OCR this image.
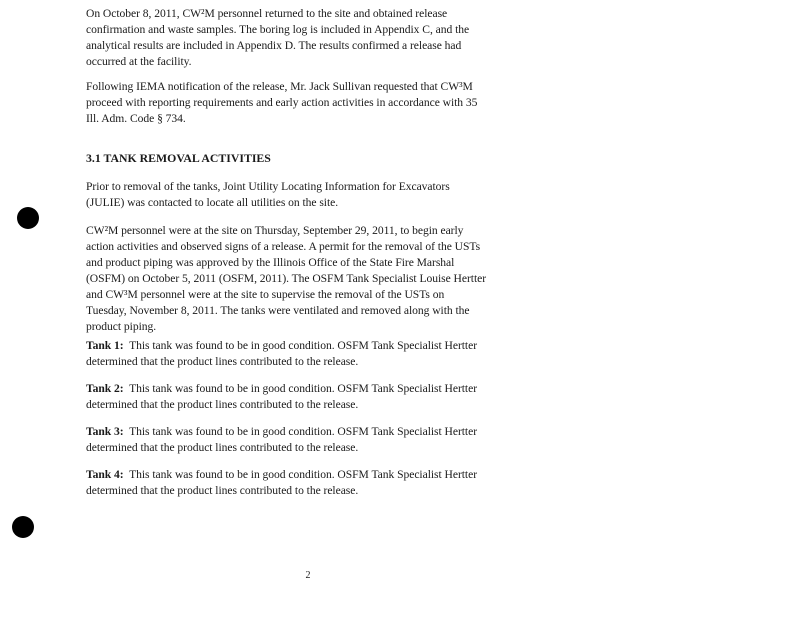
On October 8, 2011, CW²M personnel returned to the site and obtained release
confirmation and waste samples. The boring log is included in Appendix C, and the
analytical results are included in Appendix D. The results confirmed a release had
occurred at the facility.
Following IEMA notification of the release, Mr. Jack Sullivan requested that CW³M
proceed with reporting requirements and early action activities in accordance with 35
Ill. Adm. Code § 734.
3.1 TANK REMOVAL ACTIVITIES
Prior to removal of the tanks, Joint Utility Locating Information for Excavators
(JULIE) was contacted to locate all utilities on the site.
CW²M personnel were at the site on Thursday, September 29, 2011, to begin early
action activities and observed signs of a release. A permit for the removal of the USTs
and product piping was approved by the Illinois Office of the State Fire Marshal
(OSFM) on October 5, 2011 (OSFM, 2011). The OSFM Tank Specialist Louise Hertter
and CW³M personnel were at the site to supervise the removal of the USTs on
Tuesday, November 8, 2011. The tanks were ventilated and removed along with the
product piping.
Tank 1: This tank was found to be in good condition. OSFM Tank Specialist Hertter
determined that the product lines contributed to the release.
Tank 2: This tank was found to be in good condition. OSFM Tank Specialist Hertter
determined that the product lines contributed to the release.
Tank 3: This tank was found to be in good condition. OSFM Tank Specialist Hertter
determined that the product lines contributed to the release.
Tank 4: This tank was found to be in good condition. OSFM Tank Specialist Hertter
determined that the product lines contributed to the release.
2
